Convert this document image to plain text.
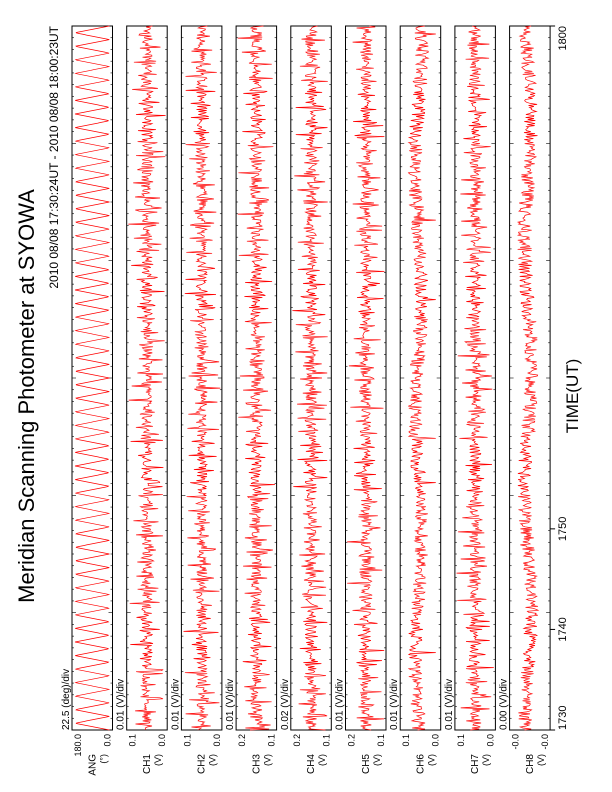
Meridian Scanning Photometer at SYOWA
2010 08/08 17:30:24UT - 2010 08/08 18:00:23UT
TIME(UT)
22.5 (deg)/div
180.0 0.0
ANG (°)
0.01 (V)/div
0.1 0.0
CH1 (V)
0.01 (V)/div
0.1 0.0
CH2 (V)
0.01 (V)/div
0.2 0.1
CH3 (V)
0.02 (V)/div
0.2 0.1
CH4 (V)
0.01 (V)/div
0.2 0.1
CH5 (V)
0.01 (V)/div
0.1 0.0
CH6 (V)
0.01 (V)/div
0.1 0.0
CH7 (V)
0.00 (V)/div
-0.0 -0.0
CH8 (V)
1730
1740
1750
1800
